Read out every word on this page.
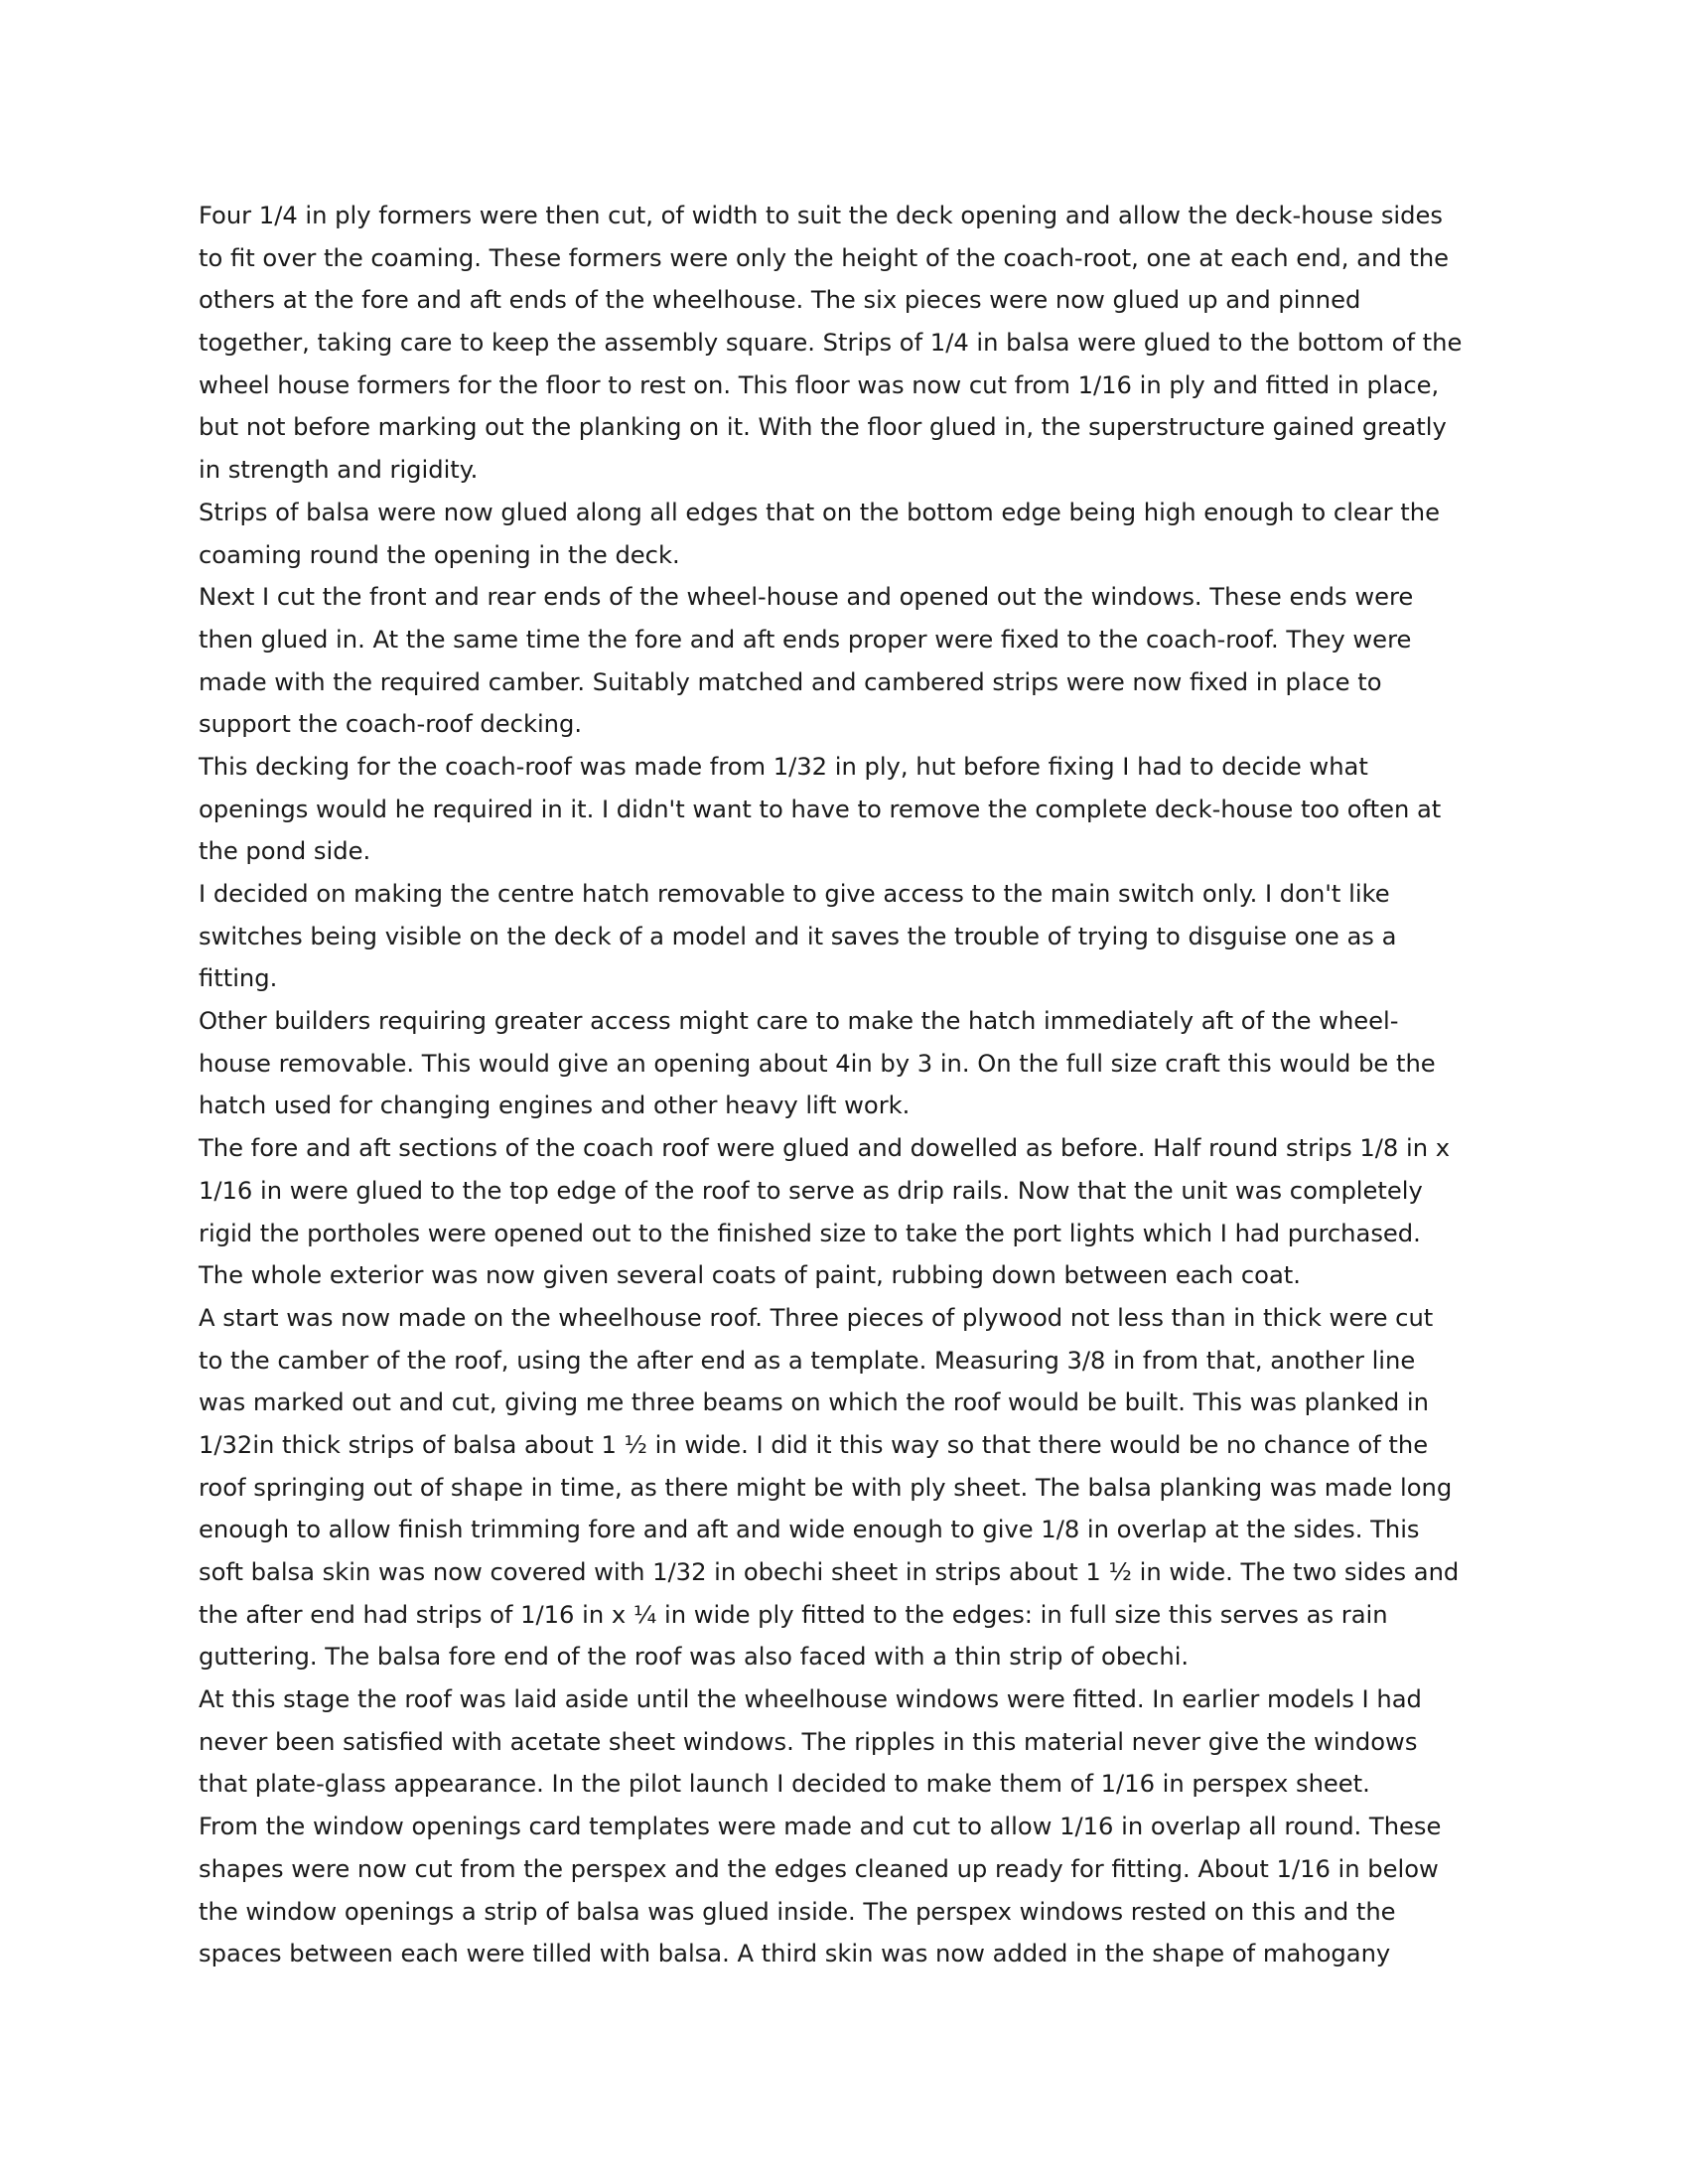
Four 1/4 in ply formers were then cut, of width to suit the deck opening and allow the deck-house sides
to fit over the coaming. These formers were only the height of the coach-root, one at each end, and the
others at the fore and aft ends of the wheelhouse. The six pieces were now glued up and pinned
together, taking care to keep the assembly square. Strips of 1/4 in balsa were glued to the bottom of the
wheel house formers for the floor to rest on. This floor was now cut from 1/16 in ply and fitted in place,
but not before marking out the planking on it. With the floor glued in, the superstructure gained greatly
in strength and rigidity.
Strips of balsa were now glued along all edges that on the bottom edge being high enough to clear the
coaming round the opening in the deck.
Next I cut the front and rear ends of the wheel-house and opened out the windows. These ends were
then glued in. At the same time the fore and aft ends proper were fixed to the coach-roof. They were
made with the required camber. Suitably matched and cambered strips were now fixed in place to
support the coach-roof decking.
This decking for the coach-roof was made from 1/32 in ply, hut before fixing I had to decide what
openings would he required in it. I didn't want to have to remove the complete deck-house too often at
the pond side.
I decided on making the centre hatch removable to give access to the main switch only. I don't like
switches being visible on the deck of a model and it saves the trouble of trying to disguise one as a
fitting.
Other builders requiring greater access might care to make the hatch immediately aft of the wheel-
house removable. This would give an opening about 4in by 3 in. On the full size craft this would be the
hatch used for changing engines and other heavy lift work.
The fore and aft sections of the coach roof were glued and dowelled as before. Half round strips 1/8 in x
1/16 in were glued to the top edge of the roof to serve as drip rails. Now that the unit was completely
rigid the portholes were opened out to the finished size to take the port lights which I had purchased.
The whole exterior was now given several coats of paint, rubbing down between each coat.
A start was now made on the wheelhouse roof. Three pieces of plywood not less than in thick were cut
to the camber of the roof, using the after end as a template. Measuring 3/8 in from that, another line
was marked out and cut, giving me three beams on which the roof would be built. This was planked in
1/32in thick strips of balsa about 1 ½ in wide. I did it this way so that there would be no chance of the
roof springing out of shape in time, as there might be with ply sheet. The balsa planking was made long
enough to allow finish trimming fore and aft and wide enough to give 1/8 in overlap at the sides. This
soft balsa skin was now covered with 1/32 in obechi sheet in strips about 1 ½ in wide. The two sides and
the after end had strips of 1/16 in x ¼ in wide ply fitted to the edges: in full size this serves as rain
guttering. The balsa fore end of the roof was also faced with a thin strip of obechi.
At this stage the roof was laid aside until the wheelhouse windows were fitted. In earlier models I had
never been satisfied with acetate sheet windows. The ripples in this material never give the windows
that plate-glass appearance. In the pilot launch I decided to make them of 1/16 in perspex sheet.
From the window openings card templates were made and cut to allow 1/16 in overlap all round. These
shapes were now cut from the perspex and the edges cleaned up ready for fitting. About 1/16 in below
the window openings a strip of balsa was glued inside. The perspex windows rested on this and the
spaces between each were tilled with balsa. A third skin was now added in the shape of mahogany
